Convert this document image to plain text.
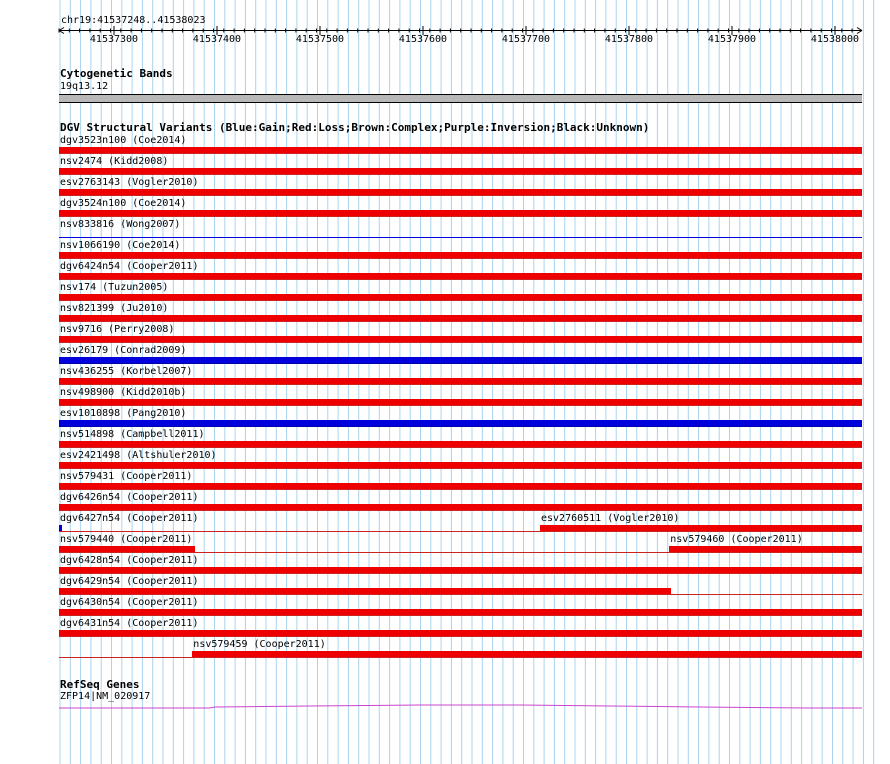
chr19:41537248..41538023
41537300	41537400	41537500	41537600	41537700	41537800	41537900	41538000
Cytogenetic Bands
19q13.12
DGV Structural Variants (Blue:Gain;Red:Loss;Brown:Complex;Purple:Inversion;Black:Unknown)
dgv3523n100 (Coe2014)
nsv2474 (Kidd2008)
esv2763143 (Vogler2010)
dgv3524n100 (Coe2014)
nsv833816 (Wong2007)
nsv1066190 (Coe2014)
dgv6424n54 (Cooper2011)
nsv174 (Tuzun2005)
nsv821399 (Ju2010)
nsv9716 (Perry2008)
esv26179 (Conrad2009)
nsv436255 (Korbel2007)
nsv498900 (Kidd2010b)
esv1010898 (Pang2010)
nsv514898 (Campbell2011)
esv2421498 (Altshuler2010)
nsv579431 (Cooper2011)
dgv6426n54 (Cooper2011)
dgv6427n54 (Cooper2011)	esv2760511 (Vogler2010)
nsv579440 (Cooper2011)	nsv579460 (Cooper2011)
dgv6428n54 (Cooper2011)
dgv6429n54 (Cooper2011)
dgv6430n54 (Cooper2011)
dgv6431n54 (Cooper2011)
nsv579459 (Cooper2011)
RefSeq Genes
ZFP14|NM_020917
